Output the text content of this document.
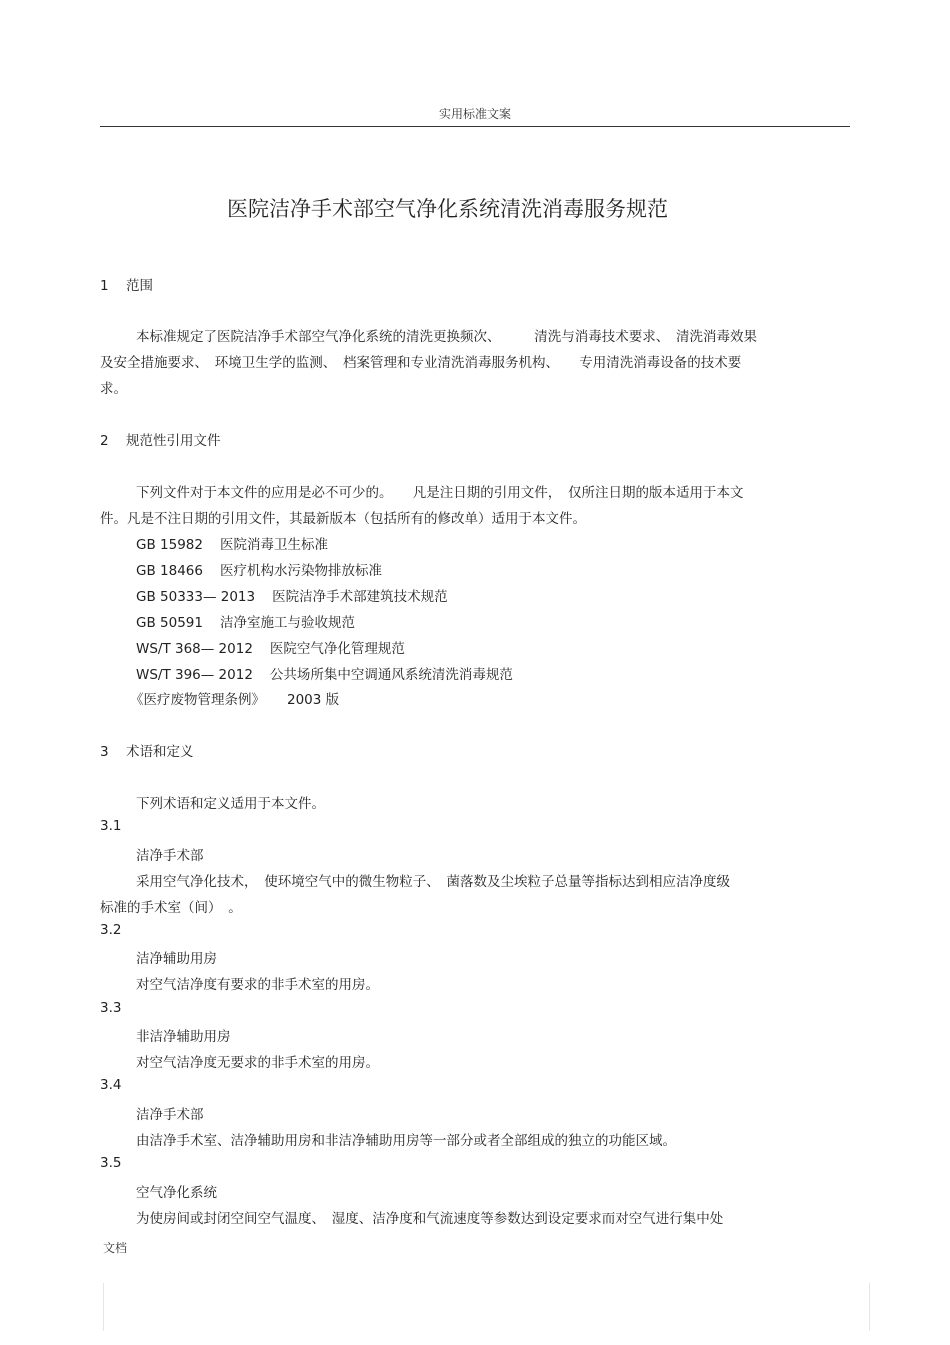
实用标准文案
医院洁净手术部空气净化系统清洗消毒服务规范
1 范围
本标准规定了医院洁净手术部空气净化系统的清洗更换频次、　　　清洗与消毒技术要求、　清洗消毒效果
及安全措施要求、　环境卫生学的监测、　档案管理和专业清洗消毒服务机构、　　专用清洗消毒设备的技术要
求。
2 规范性引用文件
下列文件对于本文件的应用是必不可少的。　　凡是注日期的引用文件，　仅所注日期的版本适用于本文
件。凡是不注日期的引用文件，其最新版本（包括所有的修改单）适用于本文件。
GB 15982 医院消毒卫生标准
GB 18466 医疗机构水污染物排放标准
GB 50333— 2013 医院洁净手术部建筑技术规范
GB 50591 洁净室施工与验收规范
WS/T 368— 2012 医院空气净化管理规范
WS/T 396— 2012 公共场所集中空调通风系统清洗消毒规范
《医疗废物管理条例》 2003 版
3 术语和定义
下列术语和定义适用于本文件。
3.1
洁净手术部
采用空气净化技术，　使环境空气中的微生物粒子、　菌落数及尘埃粒子总量等指标达到相应洁净度级
标准的手术室（间）　。
3.2
洁净辅助用房
对空气洁净度有要求的非手术室的用房。
3.3
非洁净辅助用房
对空气洁净度无要求的非手术室的用房。
3.4
洁净手术部
由洁净手术室、洁净辅助用房和非洁净辅助用房等一部分或者全部组成的独立的功能区域。
3.5
空气净化系统
为使房间或封闭空间空气温度、　湿度、洁净度和气流速度等参数达到设定要求而对空气进行集中处
文档
